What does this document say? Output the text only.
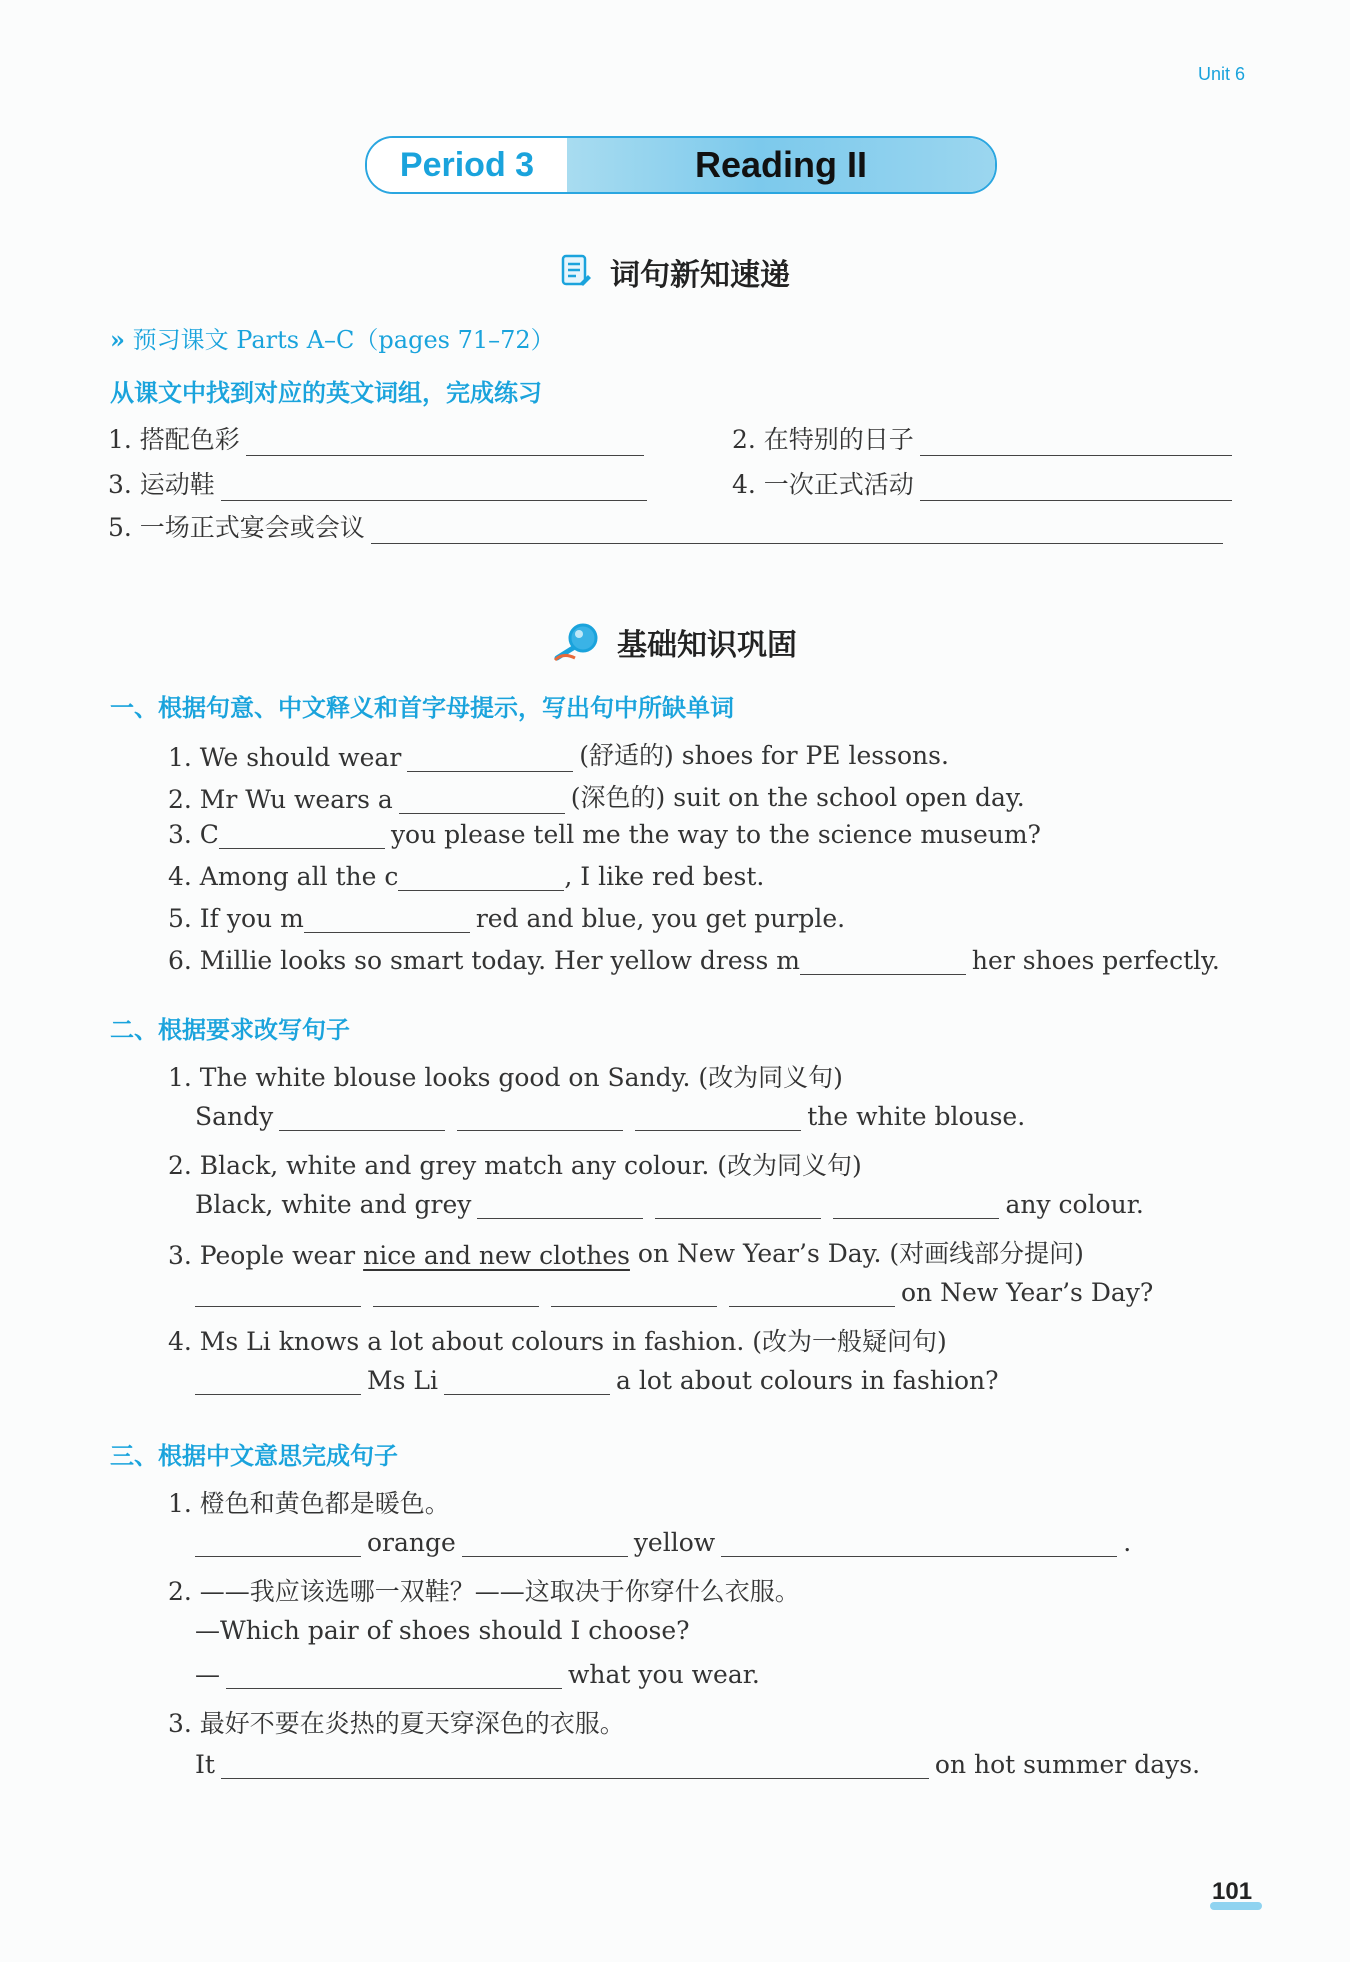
Unit 6
Period 3	Reading II
词句新知速递
» 预习课文 Parts A–C（pages 71–72）
从课文中找到对应的英文词组，完成练习
1. 搭配色彩	2. 在特别的日子
3. 运动鞋	4. 一次正式活动
5. 一场正式宴会或会议
基础知识巩固
一、根据句意、中文释义和首字母提示，写出句中所缺单词
1. We should wear	(舒适的) shoes for PE lessons.
2. Mr Wu wears a	(深色的) suit on the school open day.
3. C	you please tell me the way to the science museum?
4. Among all the c	, I like red best.
5. If you m	red and blue, you get purple.
6. Millie looks so smart today. Her yellow dress m	her shoes perfectly.
二、根据要求改写句子
1. The white blouse looks good on Sandy. (改为同义句)
Sandy	the white blouse.
2. Black, white and grey match any colour. (改为同义句)
Black, white and grey	any colour.
3. People wear
nice and new clothes
on New Year’s Day. (对画线部分提问)
on New Year’s Day?
4. Ms Li knows a lot about colours in fashion. (改为一般疑问句)
Ms Li	a lot about colours in fashion?
三、根据中文意思完成句子
1. 橙色和黄色都是暖色。
orange	yellow	.
2. ——我应该选哪一双鞋？——这取决于你穿什么衣服。
—Which pair of shoes should I choose?
—	what you wear.
3. 最好不要在炎热的夏天穿深色的衣服。
It	on hot summer days.
101
